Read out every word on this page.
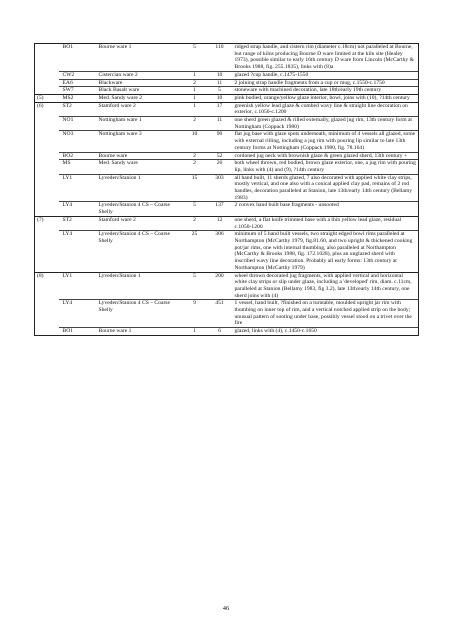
	BO1	Bourne ware 1	5	110	ridged strap handle, and cistern rim (diameter c.18cm) not paralleled at Bourne, but range of kilns producing Bourne D ware limited at the kiln site (Healey 1973), possible similar to early 16th century D ware from Lincoln (McCarthy & Brooks 1988, fig. 255.1835), links with (8)a
	CW2	Cistercian ware 2	1	10	glazed ?cup handle, c.1475-1550
	EA6	Blackware	2	11	2 joining strap handle fragments from a cup or mug, c.1550-c.1750
	SW7	Black Basalt ware	1	5	stoneware with machined decoration, late 18th/early 19th century
(5)	MS2	Med. Sandy ware 2	1	10	pink bodied, orange/yellow glaze interior, bowl, joins with (10), ?14th century
(6)	ST2	Stamford ware 2	1	17	greenish yellow lead glaze & combed wavy line & straight line decoration on exterior, c.1050-c.1200
	NO1	Nottingham ware 1	2	11	one sherd green glazed & rilled externally, glazed jug rim, 13th century form at Nottingham (Coppack 1980)
	NO3	Nottingham ware 3	10	90	flat jug base with glaze spots underneath, minimum of 4 vessels all glazed, some with external rilling, including a jug rim with pouring lip similar to late 13th century forms at Nottingham (Coppack 1980, fig. 78.164)
	BO2	Bourne ware	2	52	cordoned jug neck with brownish glaze & green glazed sherd, 13th century +
	MS	Med. Sandy ware	2	26	both wheel thrown, red bodied, brown glaze exterior, one, a jug rim with pouring lip, links with (4) and (9), ?14th century
	LY1	Lyveden/Stanion 1	15	303	all hand built, 11 sherds glazed, 7 also decorated with applied white clay strips, mostly vertical, and one also with a conical applied clay pad, remains of 2 rod handles, decoration paralleled at Stanion, late 13th/early 14th century (Bellamy 1983)
	LY4	Lyveden/Stanion 4 CS – Coarse Shelly	5	137	2 convex hand built base fragments - unsooted
(7)	ST2	Stamford ware 2	2	12	one sherd, a flat knife trimmed base with a thin yellow lead glaze, residual c.1050-1200
	LY4	Lyveden/Stanion 4 CS – Coarse Shelly	25	306	minimum of 5 hand built vessels, two straight edged bowl rims paralleled at Northampton (McCarthy 1979, fig.81.60, and two upright & thickened cooking pot/jar rims, one with internal thumbing, also paralleled at Northampton (McCarthy & Brooks 1988, fig. 172.1028), plus an unglazed sherd with inscribed wavy line decoration. Probably all early forms: 13th century at Northampton (McCarthy 1979)
(8)	LY1	Lyveden/Stanion 1	5	200	wheel thrown decorated jug fragments, with applied vertical and horizontal white clay strips or slip under glaze, including a 'developed' rim, diam. c.11cm, paralleled at Stanion (Bellamy 1983, fig 3.2), late 13th/early 14th century, one sherd joins with (4)
	LY4	Lyveden/Stanion 4 CS – Coarse Shelly	9	451	1 vessel, hand built, ?finished on a turntable, moulded upright jar rim with thumbing on inner top of rim, and a vertical notched applied strip on the body; unusual pattern of sooting under base, possibly vessel stood on a trivet over the fire
	BO1	Bourne ware 1	1	6	glazed, links with (4), c.1450-c.1650
46
